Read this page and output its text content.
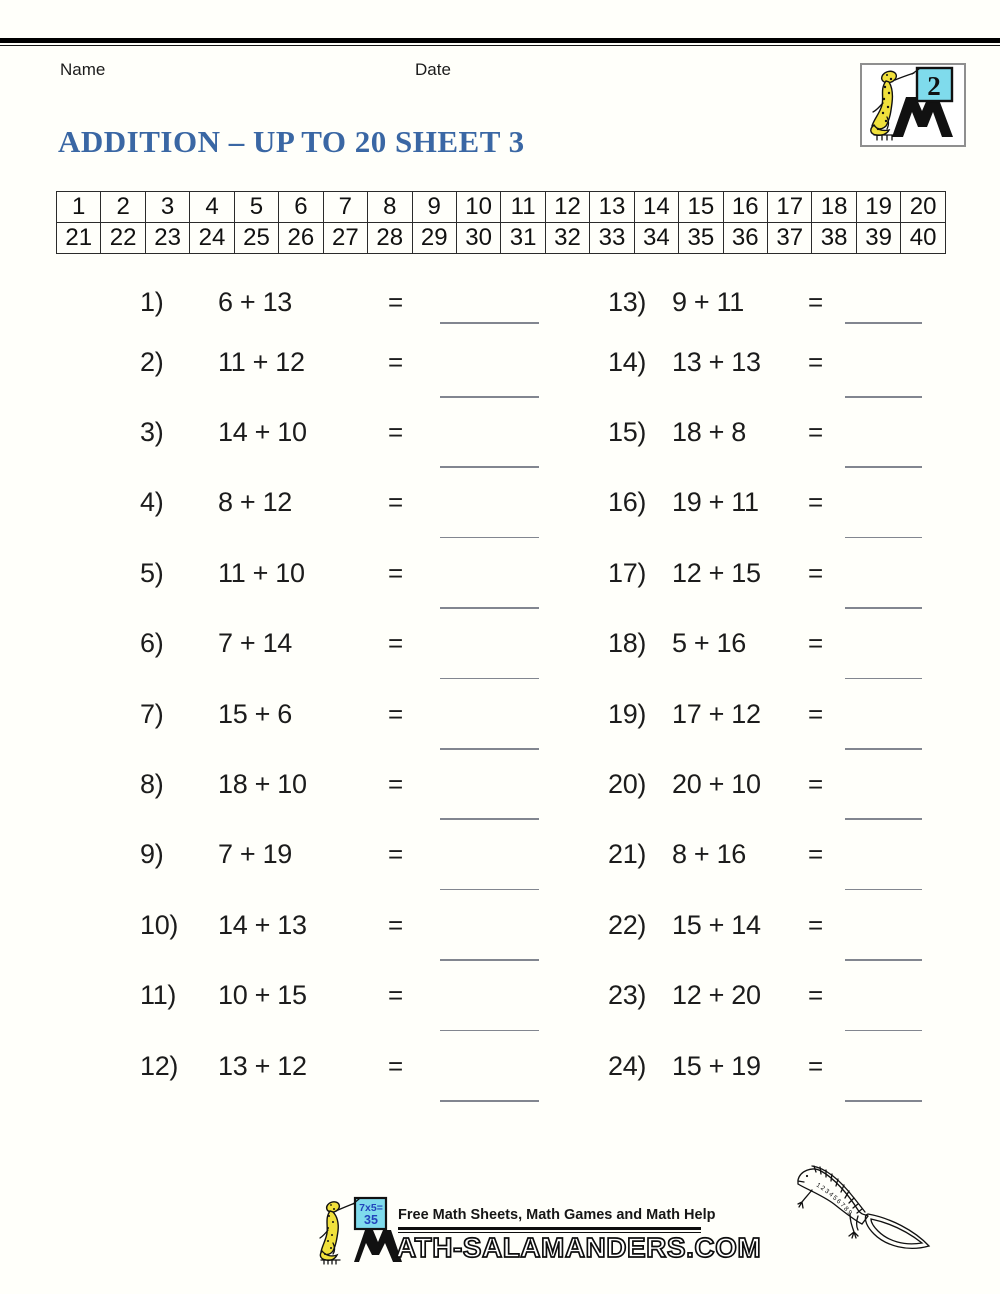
Name	Date
2
ADDITION – UP TO 20 SHEET 3
1	2	3	4	5	6	7	8	9	10	11	12	13	14	15	16	17	18	19	20
21	22	23	24	25	26	27	28	29	30	31	32	33	34	35	36	37	38	39	40
1) 6 + 13	=
2) 11 + 12	=
3) 14 + 10	=
4) 8 + 12	=
5) 11 + 10	=
6) 7 + 14	=
7) 15 + 6	=
8) 18 + 10	=
9) 7 + 19	=
10) 14 + 13	=
11) 10 + 15	=
12) 13 + 12	=
13) 9 + 11 =
14) 13 + 13 =
15) 18 + 8 =
16) 19 + 11 =
17) 12 + 15 =
18) 5 + 16 =
19) 17 + 12 =
20) 20 + 10 =
21) 8 + 16 =
22) 15 + 14 =
23) 12 + 20 =
24) 15 + 19 =
7x5=
35 Free Math Sheets, Math Games and Math Help
ATH-SALAMANDERS.COM
123456789
